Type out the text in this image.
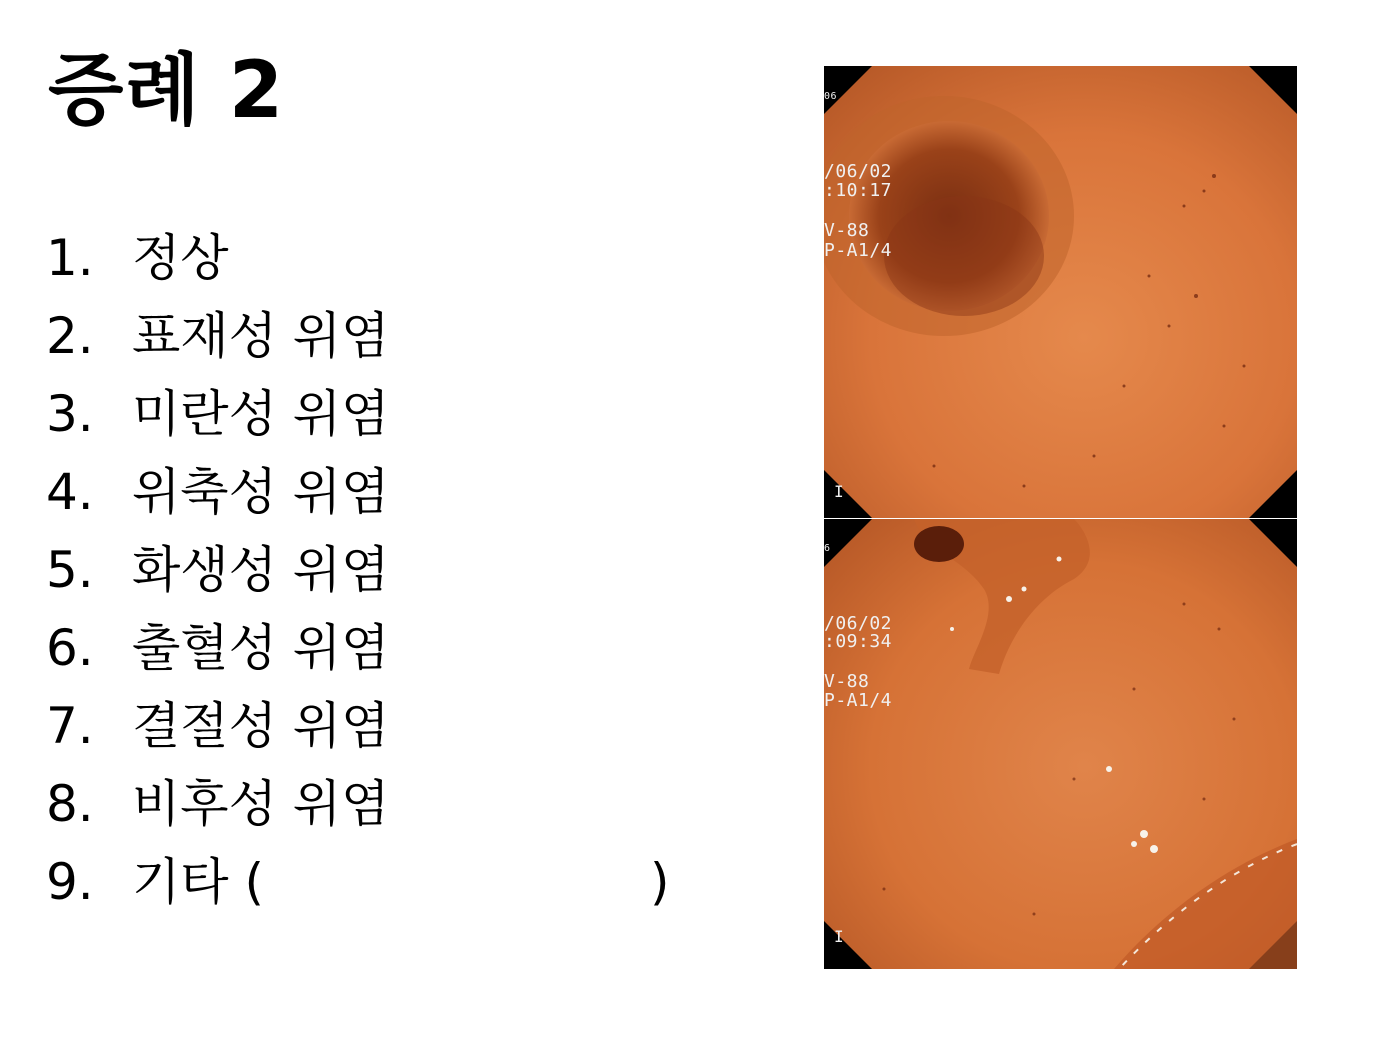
증례 2
1. 정상
2. 표재성 위염
3. 미란성 위염
4. 위축성 위염
5. 화생성 위염
6. 출혈성 위염
7. 결절성 위염
8. 비후성 위염
9. 기타 (	)
06
/06/02
:10:17
V-88
P-A1/4
I
6
/06/02
:09:34
V-88
P-A1/4
I
